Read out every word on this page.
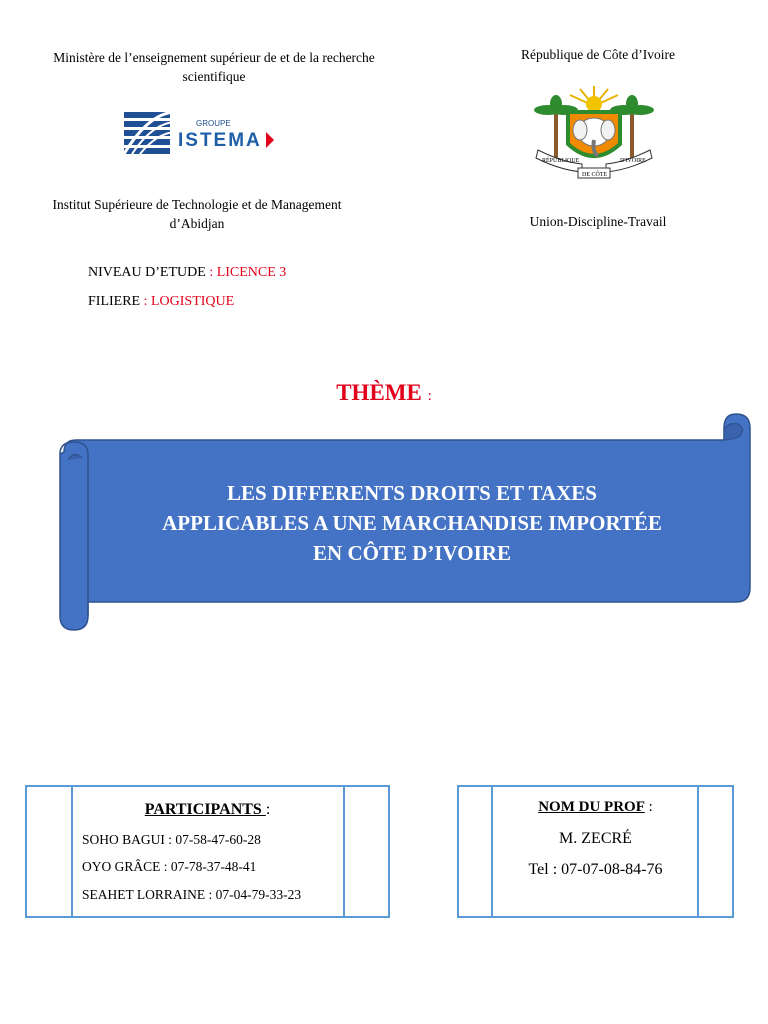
Ministère de l’enseignement supérieur de et de la recherche scientifique
GROUPE
ISTEMA
Institut Supérieure de Technologie et de Management d’Abidjan
République de Côte d’Ivoire
RÉPUBLIQUE	D'IVOIRE
DE CÔTE
Union-Discipline-Travail
NIVEAU D’ETUDE : LICENCE 3
FILIERE : LOGISTIQUE
THÈME :
LES DIFFERENTS DROITS ET TAXES
APPLICABLES A UNE MARCHANDISE IMPORTÉE
EN CÔTE D’IVOIRE
PARTICIPANTS :
SOHO BAGUI : 07-58-47-60-28
OYO GRÂCE : 07-78-37-48-41
SEAHET LORRAINE : 07-04-79-33-23
NOM DU PROF :
M. ZECRÉ
Tel : 07-07-08-84-76
